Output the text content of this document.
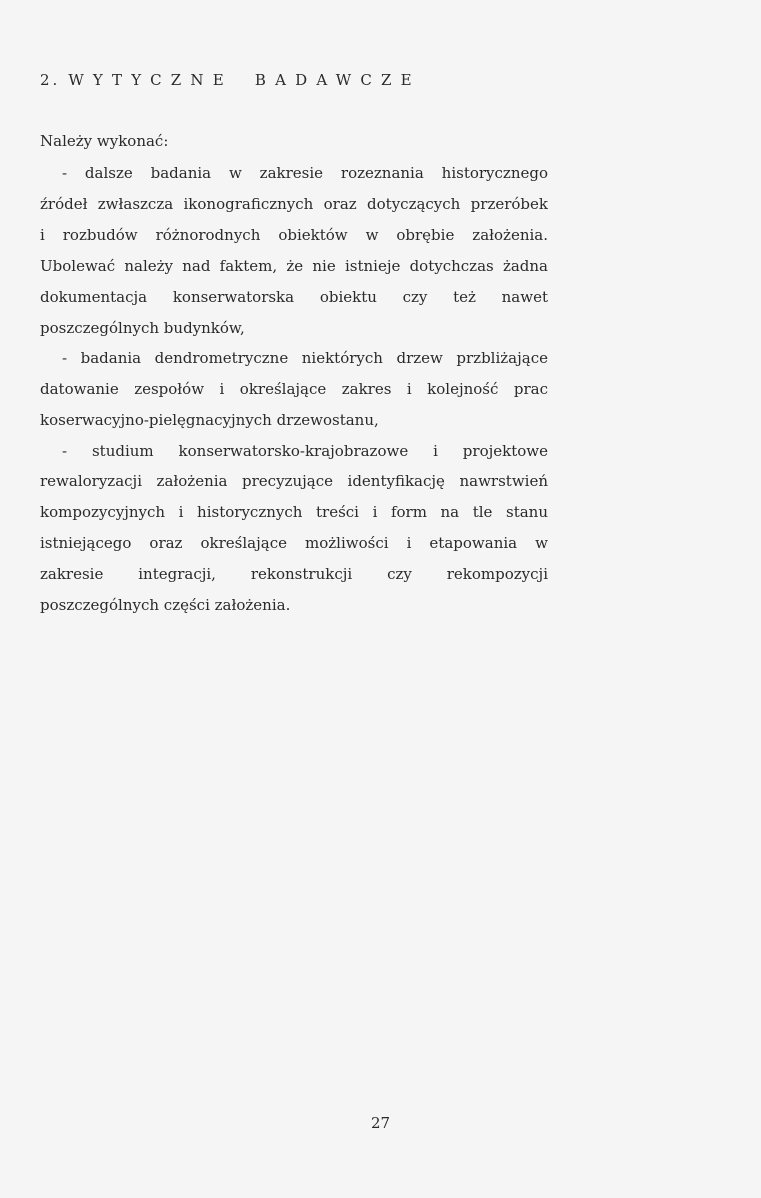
2. WYTYCZNE BADAWCZE
Należy wykonać:
- dalsze badania w zakresie rozeznania historycznego
źródeł zwłaszcza ikonograficznych oraz dotyczących przeróbek
i rozbudów różnorodnych obiektów w obrębie założenia.
Ubolewać należy nad faktem, że nie istnieje dotychczas żadna
dokumentacja konserwatorska obiektu czy też nawet
poszczególnych budynków,
- badania dendrometryczne niektórych drzew przbliżające
datowanie zespołów i określające zakres i kolejność prac
koserwacyjno-pielęgnacyjnych drzewostanu,
- studium konserwatorsko-krajobrazowe i projektowe
rewaloryzacji założenia precyzujące identyfikację nawrstwień
kompozycyjnych i historycznych treści i form na tle stanu
istniejącego oraz określające możliwości i etapowania w
zakresie integracji, rekonstrukcji czy rekompozycji
poszczególnych części założenia.
27
